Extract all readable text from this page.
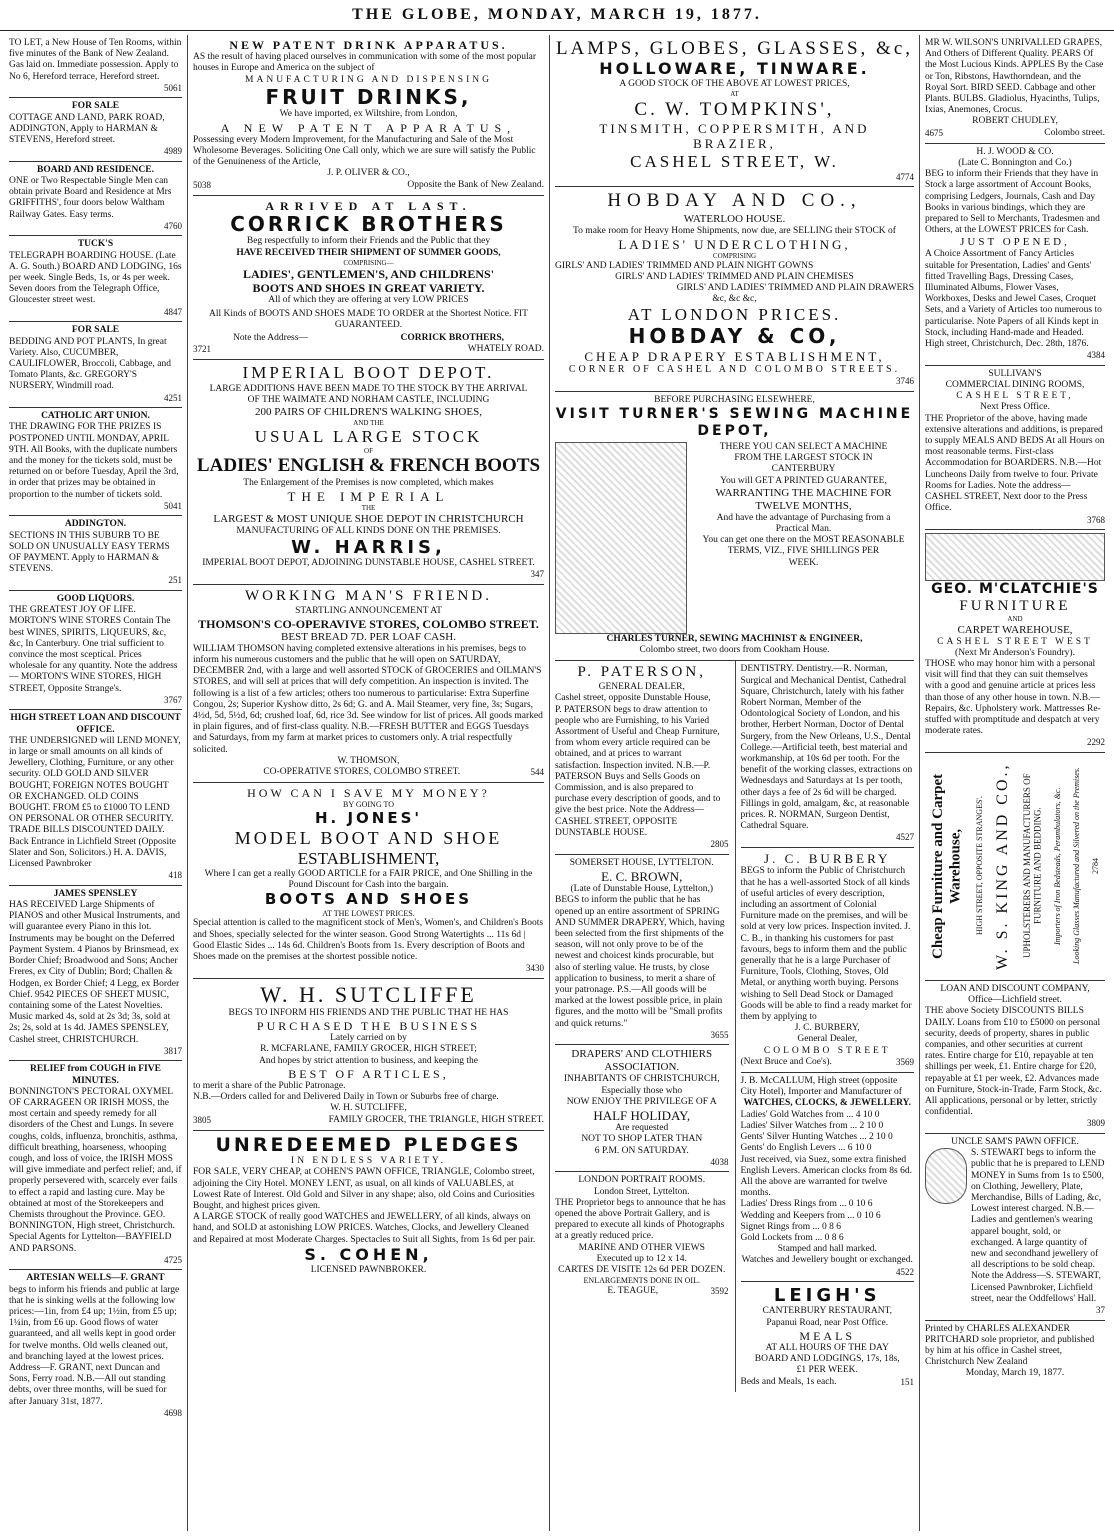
THE GLOBE, MONDAY, MARCH 19, 1877.
TO LET, a New House of Ten Rooms, within five minutes of the Bank of New Zealand. Gas laid on. Immediate possession. Apply to No 6, Hereford terrace, Hereford street.
5061
FOR SALE
COTTAGE AND LAND, PARK ROAD, ADDINGTON, Apply to HARMAN & STEVENS, Hereford street.
4989
BOARD AND RESIDENCE.
ONE or Two Respectable Single Men can obtain private Board and Residence at Mrs GRIFFITHS', four doors below Waltham Railway Gates. Easy terms.
4760
TUCK'S
TELEGRAPH BOARDING HOUSE. (Late A. G. South.) BOARD AND LODGING, 16s per week. Single Beds, 1s, or 4s per week. Seven doors from the Telegraph Office, Gloucester street west.
4847
FOR SALE
BEDDING AND POT PLANTS, In great Variety. Also, CUCUMBER, CAULIFLOWER, Broccoli, Cabbage, and Tomato Plants, &c. GREGORY'S NURSERY, Windmill road.
4251
CATHOLIC ART UNION.
THE DRAWING FOR THE PRIZES IS POSTPONED UNTIL MONDAY, APRIL 9TH. All Books, with the duplicate numbers and the money for the tickets sold, must be returned on or before Tuesday, April the 3rd, in order that prizes may be obtained in proportion to the number of tickets sold.
5041
ADDINGTON.
SECTIONS IN THIS SUBURB TO BE SOLD ON UNUSUALLY EASY TERMS OF PAYMENT. Apply to HARMAN & STEVENS.
251
GOOD LIQUORS.
THE GREATEST JOY OF LIFE. MORTON'S WINE STORES Contain The best WINES, SPIRITS, LIQUEURS, &c, &c, In Canterbury. One trial sufficient to convince the most sceptical. Prices wholesale for any quantity. Note the address— MORTON'S WINE STORES, HIGH STREET, Opposite Strange's.
3767
HIGH STREET LOAN AND DISCOUNT OFFICE.
THE UNDERSIGNED will LEND MONEY, in large or small amounts on all kinds of Jewellery, Clothing, Furniture, or any other security. OLD GOLD AND SILVER BOUGHT, FOREIGN NOTES BOUGHT OR EXCHANGED. OLD COINS BOUGHT. FROM £5 to £1000 TO LEND ON PERSONAL OR OTHER SECURITY. TRADE BILLS DISCOUNTED DAILY. Back Entrance in Lichfield Street (Opposite Slater and Son, Solicitors.) H. A. DAVIS, Licensed Pawnbroker
418
JAMES SPENSLEY
HAS RECEIVED Large Shipments of PIANOS and other Musical Instruments, and will guarantee every Piano in this lot. Instruments may be bought on the Deferred Payment System. 4 Pianos by Brinsmead, ex Border Chief; Broadwood and Sons; Ancher Freres, ex City of Dublin; Bord; Challen & Hodgen, ex Border Chief; 4 Legg, ex Border Chief. 9542 PIECES OF SHEET MUSIC, containing some of the Latest Novelties. Music marked 4s, sold at 2s 3d; 3s, sold at 2s; 2s, sold at 1s 4d. JAMES SPENSLEY, Cashel street, CHRISTCHURCH.
3817
RELIEF from COUGH in FIVE MINUTES.
BONNINGTON'S PECTORAL OXYMEL OF CARRAGEEN OR IRISH MOSS, the most certain and speedy remedy for all disorders of the Chest and Lungs. In severe coughs, colds, influenza, bronchitis, asthma, difficult breathing, hoarseness, whooping cough, and loss of voice, the IRISH MOSS will give immediate and perfect relief; and, if properly persevered with, scarcely ever fails to effect a rapid and lasting cure. May be obtained at most of the Storekeepers and Chemists throughout the Province. GEO. BONNINGTON, High street, Christchurch. Special Agents for Lyttelton—BAYFIELD AND PARSONS.
4725
ARTESIAN WELLS—F. GRANT
begs to inform his friends and public at large that he is sinking wells at the following low prices:—1in, from £4 up; 1½in, from £5 up; 1¼in, from £6 up. Good flows of water guaranteed, and all wells kept in good order for twelve months. Old wells cleaned out, and branching layed at the lowest prices. Address—F. GRANT, next Duncan and Sons, Ferry road. N.B.—All out standing debts, over three months, will be sued for after January 31st, 1877.
4698
NEW PATENT DRINK APPARATUS.
AS the result of having placed ourselves in communication with some of the most popular houses in Europe and America on the subject of
MANUFACTURING AND DISPENSING
FRUIT DRINKS,
We have imported, ex Wiltshire, from London,
A NEW PATENT APPARATUS,
Possessing every Modern Improvement, for the Manufacturing and Sale of the Most Wholesome Beverages. Soliciting One Call only, which we are sure will satisfy the Public of the Genuineness of the Article,
J. P. OLIVER & CO.,
5038	Opposite the Bank of New Zealand.
ARRIVED AT LAST.
CORRICK BROTHERS
Beg respectfully to inform their Friends and the Public that they
HAVE RECEIVED THEIR SHIPMENT OF SUMMER GOODS,
COMPRISING—
LADIES', GENTLEMEN'S, AND CHILDRENS'
BOOTS AND SHOES IN GREAT VARIETY.
All of which they are offering at very LOW PRICES
All Kinds of BOOTS AND SHOES MADE TO ORDER at the Shortest Notice. FIT GUARANTEED.
Note the Address—	CORRICK BROTHERS,
3721	WHATELY ROAD.
IMPERIAL BOOT DEPOT.
LARGE ADDITIONS HAVE BEEN MADE TO THE STOCK BY THE ARRIVAL
OF THE WAIMATE AND NORHAM CASTLE, INCLUDING
200 PAIRS OF CHILDREN'S WALKING SHOES,
AND THE
USUAL LARGE STOCK
OF
LADIES' ENGLISH & FRENCH BOOTS
The Enlargement of the Premises is now completed, which makes
THE IMPERIAL
THE
LARGEST & MOST UNIQUE SHOE DEPOT IN CHRISTCHURCH
MANUFACTURING OF ALL KINDS DONE ON THE PREMISES.
W. HARRIS,
IMPERIAL BOOT DEPOT, ADJOINING DUNSTABLE HOUSE, CASHEL STREET.
347
WORKING MAN'S FRIEND.
STARTLING ANNOUNCEMENT AT
THOMSON'S CO-OPERAVIVE STORES, COLOMBO STREET.
BEST BREAD 7D. PER LOAF CASH.
WILLIAM THOMSON having completed extensive alterations in his premises, begs to inform his numerous customers and the public that he will open on SATURDAY, DECEMBER 2nd, with a large and well assorted STOCK of GROCERIES and OILMAN'S STORES, and will sell at prices that will defy competition. An inspection is invited. The following is a list of a few articles; others too numerous to particularise: Extra Superfine Congou, 2s; Superior Kyshow ditto, 2s 6d; G. and A. Mail Steamer, very fine, 3s; Sugars, 4½d, 5d, 5½d, 6d; crushed loaf, 6d, rice 3d. See window for list of prices. All goods marked in plain figures, and of first-class quality. N.B.—FRESH BUTTER and EGGS Tuesdays and Saturdays, from my farm at market prices to customers only. A trial respectfully solicited.
W. THOMSON,
CO-OPERATIVE STORES, COLOMBO STREET.	544
HOW CAN I SAVE MY MONEY?
BY GOING TO
H. JONES'
MODEL BOOT AND SHOE
ESTABLISHMENT,
Where I can get a really GOOD ARTICLE for a FAIR PRICE, and One Shilling in the Pound Discount for Cash into the bargain.
BOOTS AND SHOES
AT THE LOWEST PRICES.
Special attention is called to the magnificent stock of Men's, Women's, and Children's Boots and Shoes, specially selected for the winter season. Good Strong Watertights ... 11s 6d | Good Elastic Sides ... 14s 6d. Children's Boots from 1s. Every description of Boots and Shoes made on the premises at the shortest possible notice.
3430
W. H. SUTCLIFFE
BEGS TO INFORM HIS FRIENDS AND THE PUBLIC THAT HE HAS
PURCHASED THE BUSINESS
Lately carried on by
R. MCFARLANE, FAMILY GROCER, HIGH STREET;
And hopes by strict attention to business, and keeping the
BEST OF ARTICLES,
to merit a share of the Public Patronage.
N.B.—Orders called for and Delivered Daily in Town or Suburbs free of charge.
W. H. SUTCLIFFE,
3805	FAMILY GROCER, THE TRIANGLE, HIGH STREET.
UNREDEEMED PLEDGES
IN ENDLESS VARIETY.
FOR SALE, VERY CHEAP, at COHEN'S PAWN OFFICE, TRIANGLE, Colombo street, adjoining the City Hotel. MONEY LENT, as usual, on all kinds of VALUABLES, at Lowest Rate of Interest. Old Gold and Silver in any shape; also, old Coins and Curiosities Bought, and highest prices given.
A LARGE STOCK of really good WATCHES and JEWELLERY, of all kinds, always on hand, and SOLD at astonishing LOW PRICES. Watches, Clocks, and Jewellery Cleaned and Repaired at most Moderate Charges. Spectacles to Suit all Sights, from 1s 6d per pair.
S. COHEN,
LICENSED PAWNBROKER.
LAMPS, GLOBES, GLASSES, &c,
HOLLOWARE, TINWARE.
A GOOD STOCK OF THE ABOVE AT LOWEST PRICES,
AT
C. W. TOMPKINS',
TINSMITH, COPPERSMITH, AND BRAZIER,
CASHEL STREET, W.
4774
HOBDAY AND CO.,
WATERLOO HOUSE.
To make room for Heavy Home Shipments, now due, are SELLING their STOCK of
LADIES' UNDERCLOTHING,
COMPRISING
GIRLS' AND LADIES' TRIMMED AND PLAIN NIGHT GOWNS
GIRLS' AND LADIES' TRIMMED AND PLAIN CHEMISES
GIRLS' AND LADIES' TRIMMED AND PLAIN DRAWERS
&c, &c &c,
AT LONDON PRICES.
HOBDAY & CO,
CHEAP DRAPERY ESTABLISHMENT,
CORNER OF CASHEL AND COLOMBO STREETS.
3746
BEFORE PURCHASING ELSEWHERE,
VISIT TURNER'S SEWING MACHINE DEPOT,
THERE YOU CAN SELECT A MACHINE
FROM THE LARGEST STOCK IN
CANTERBURY
You will GET A PRINTED GUARANTEE,
WARRANTING THE MACHINE FOR
TWELVE MONTHS,
And have the advantage of Purchasing from a
Practical Man.
You can get one there on the MOST REASONABLE
TERMS, VIZ., FIVE SHILLINGS PER
WEEK.
CHARLES TURNER, SEWING MACHINIST & ENGINEER,
Colombo street, two doors from Cookham House.
P. PATERSON,
GENERAL DEALER,
Cashel street, opposite Dunstable House,
P. PATERSON begs to draw attention to people who are Furnishing, to his Varied Assortment of Useful and Cheap Furniture, from whom every article required can be obtained, and at prices to warrant satisfaction. Inspection invited. N.B.—P. PATERSON Buys and Sells Goods on Commission, and is also prepared to purchase every description of goods, and to give the best price. Note the Address— CASHEL STREET, OPPOSITE DUNSTABLE HOUSE.
2805
SOMERSET HOUSE, LYTTELTON.
E. C. BROWN,
(Late of Dunstable House, Lyttelton,)
BEGS to inform the public that he has opened up an entire assortment of SPRING AND SUMMER DRAPERY, Which, having been selected from the first shipments of the season, will not only prove to be of the newest and choicest kinds procurable, but also of sterling value. He trusts, by close application to business, to merit a share of your patronage. P.S.—All goods will be marked at the lowest possible price, in plain figures, and the motto will be "Small profits and quick returns."
3655
DRAPERS' AND CLOTHIERS ASSOCIATION.
INHABITANTS OF CHRISTCHURCH,
Especially those who
NOW ENJOY THE PRIVILEGE OF A
HALF HOLIDAY,
Are requested
NOT TO SHOP LATER THAN
6 P.M. ON SATURDAY.
4038
LONDON PORTRAIT ROOMS.
London Street, Lyttelton.
THE Proprietor begs to announce that he has opened the above Portrait Gallery, and is prepared to execute all kinds of Photographs at a greatly reduced price.
MARINE AND OTHER VIEWS
Executed up to 12 x 14.
CARTES DE VISITE 12s 6d PER DOZEN.
ENLARGEMENTS DONE IN OIL.
E. TEAGUE,	3592
DENTISTRY. Dentistry.—R. Norman, Surgical and Mechanical Dentist, Cathedral Square, Christchurch, lately with his father Robert Norman, Member of the Odontological Society of London, and his brother, Herbert Norman, Doctor of Dental Surgery, from the New Orleans, U.S., Dental College.—Artificial teeth, best material and workmanship, at 10s 6d per tooth. For the benefit of the working classes, extractions on Wednesdays and Saturdays at 1s per tooth, other days a fee of 2s 6d will be charged. Fillings in gold, amalgam, &c, at reasonable prices. R. NORMAN, Surgeon Dentist, Cathedral Square.
4527
J. C. BURBERY
BEGS to inform the Public of Christchurch that he has a well-assorted Stock of all kinds of useful articles of every description, including an assortment of Colonial Furniture made on the premises, and will be sold at very low prices. Inspection invited. J. C. B., in thanking his customers for past favours, begs to inform them and the public generally that he is a large Purchaser of Furniture, Tools, Clothing, Stoves, Old Metal, or anything worth buying. Persons wishing to Sell Dead Stock or Damaged Goods will be able to find a ready market for them by applying to
J. C. BURBERY,
General Dealer,
COLOMBO STREET
(Next Bruce and Coe's).	3569
J. B. McCALLUM, High street (opposite City Hotel), Importer and Manufacturer of
WATCHES, CLOCKS, & JEWELLERY.
Ladies' Gold Watches from ... 4 10 0
Ladies' Silver Watches from ... 2 10 0
Gents' Silver Hunting Watches ... 2 10 0
Gents' do English Levers ... 6 10 0
Just received, via Suez, some extra finished English Levers. American clocks from 8s 6d. All the above are warranted for twelve months.
Ladies' Dress Rings from ... 0 10 6
Wedding and Keepers from ... 0 10 6
Signet Rings from ... 0 8 6
Gold Lockets from ... 0 8 6
Stamped and hall marked.
Watches and Jewellery bought or exchanged.
4522
LEIGH'S
CANTERBURY RESTAURANT,
Papanui Road, near Post Office.
MEALS
AT ALL HOURS OF THE DAY
BOARD AND LODGINGS, 17s, 18s,
£1 PER WEEK.
Beds and Meals, 1s each.	151
MR W. WILSON'S UNRIVALLED GRAPES, And Others of Different Quality. PEARS Of the Most Lucious Kinds. APPLES By the Case or Ton, Ribstons, Hawthorndean, and the Royal Sort. BIRD SEED. Cabbage and other Plants. BULBS. Gladiolus, Hyacinths, Tulips, Ixias, Anemones, Crocus.
ROBERT CHUDLEY,
4675	Colombo street.
H. J. WOOD & CO.
(Late C. Bonnington and Co.)
BEG to inform their Friends that they have in Stock a large assortment of Account Books, comprising Ledgers, Journals, Cash and Day Books in various bindings, which they are prepared to Sell to Merchants, Tradesmen and Others, at the LOWEST PRICES for Cash.
JUST OPENED,
A Choice Assortment of Fancy Articles suitable for Presentation, Ladies' and Gents' fitted Travelling Bags, Dressing Cases, Illuminated Albums, Flower Vases, Workboxes, Desks and Jewel Cases, Croquet Sets, and a Variety of Articles too numerous to particularise. Note Papers of all Kinds kept in Stock, including Hand-made and Headed. High street, Christchurch, Dec. 28th, 1876.
4384
SULLIVAN'S
COMMERCIAL DINING ROOMS,
CASHEL STREET,
Next Press Office.
THE Proprietor of the above, having made extensive alterations and additions, is prepared to supply MEALS AND BEDS At all Hours on most reasonable terms. First-class Accommodation for BOARDERS. N.B.—Hot Luncheons Daily from twelve to four. Private Rooms for Ladies. Note the address— CASHEL STREET, Next door to the Press Office.
3768
GEO. M'CLATCHIE'S
FURNITURE
AND
CARPET WAREHOUSE,
CASHEL STREET WEST
(Next Mr Anderson's Foundry).
THOSE who may honor him with a personal visit will find that they can suit themselves with a good and genuine article at prices less than those of any other house in town. N.B.—Repairs, &c. Upholstery work. Mattresses Re-stuffed with promptitude and despatch at very moderate rates.
2292
Cheap Furniture and Carpet Warehouse, HIGH STREET, OPPOSITE STRANGES'. W. S. KING AND CO., UPHOLSTERERS AND MANUFACTURERS OF FURNITURE AND BEDDING. Importers of Iron Bedsteads, Perambulators, &c. Looking Glasses Manufactured and Silvered on the Premises. 2784
LOAN AND DISCOUNT COMPANY,
Office—Lichfield street.
THE above Society DISCOUNTS BILLS DAILY. Loans from £10 to £5000 on personal security, deeds of property, shares in public companies, and other securities at current rates. Entire charge for £10, repayable at ten shillings per week, £1. Entire charge for £20, repayable at £1 per week, £2. Advances made on Furniture, Stock-in-Trade, Farm Stock, &c. All applications, personal or by letter, strictly confidential.
3809
UNCLE SAM'S PAWN OFFICE.
S. STEWART begs to inform the public that he is prepared to LEND MONEY in Sums from 1s to £500, on Clothing, Jewellery, Plate, Merchandise, Bills of Lading, &c, Lowest interest charged. N.B.—Ladies and gentlemen's wearing apparel bought, sold, or exchanged. A large quantity of new and secondhand jewellery of all descriptions to be sold cheap. Note the Address—S. STEWART, Licensed Pawnbroker, Lichfield street, near the Oddfellows' Hall.
37
Printed by CHARLES ALEXANDER PRITCHARD sole proprietor, and published by him at his office in Cashel street, Christchurch New Zealand
Monday, March 19, 1877.
